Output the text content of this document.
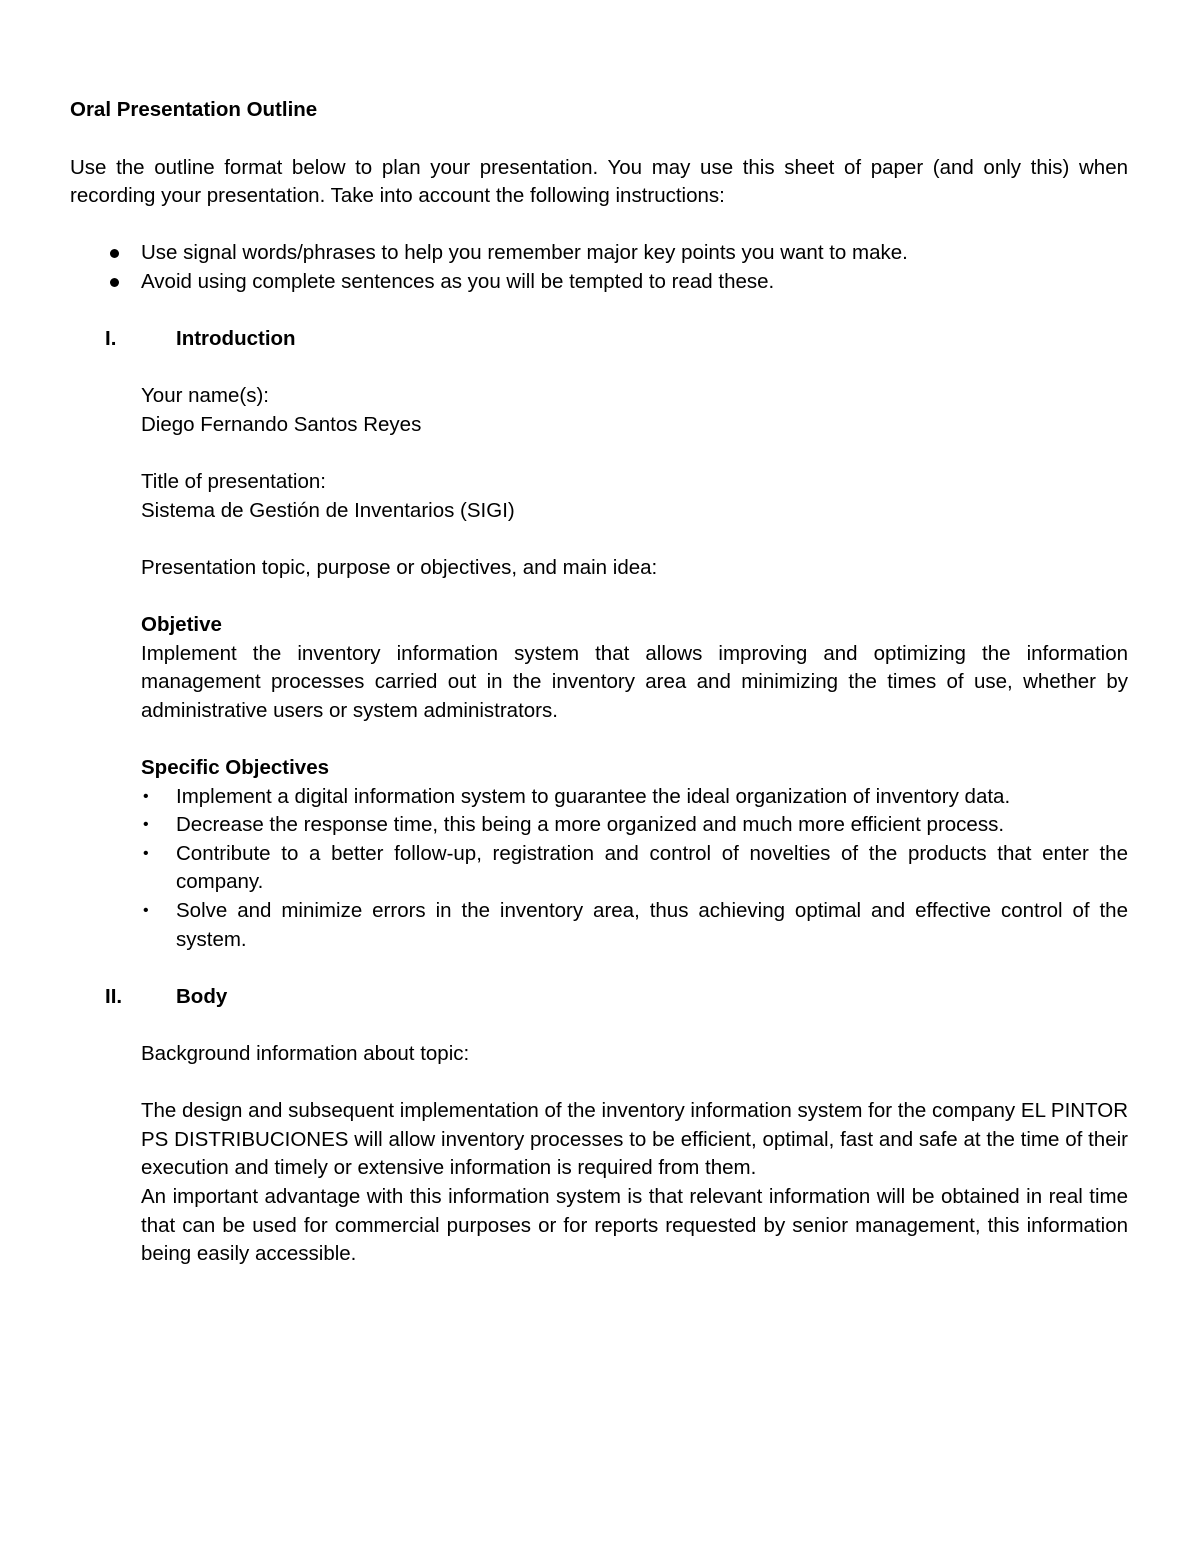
Oral Presentation Outline

Use the outline format below to plan your presentation. You may use this sheet of paper (and only this) when recording your presentation. Take into account the following instructions:

Use signal words/phrases to help you remember major key points you want to make.
Avoid using complete sentences as you will be tempted to read these.
I.	Introduction

Your name(s):

Diego Fernando Santos Reyes

Title of presentation:

Sistema de Gestión de Inventarios (SIGI)

Presentation topic, purpose or objectives, and main idea:

Objetive

Implement the inventory information system that allows improving and optimizing the information management processes carried out in the inventory area and minimizing the times of use, whether by administrative users or system administrators.

Specific Objectives

• Implement a digital information system to guarantee the ideal organization of inventory data.
• Decrease the response time, this being a more organized and much more efficient process.
• Contribute to a better follow-up, registration and control of novelties of the products that enter the company.
• Solve and minimize errors in the inventory area, thus achieving optimal and effective control of the system.
II.	Body

Background information about topic:

The design and subsequent implementation of the inventory information system for the company EL PINTOR PS DISTRIBUCIONES will allow inventory processes to be efficient, optimal, fast and safe at the time of their execution and timely or extensive information is required from them.

An important advantage with this information system is that relevant information will be obtained in real time that can be used for commercial purposes or for reports requested by senior management, this information being easily accessible.
